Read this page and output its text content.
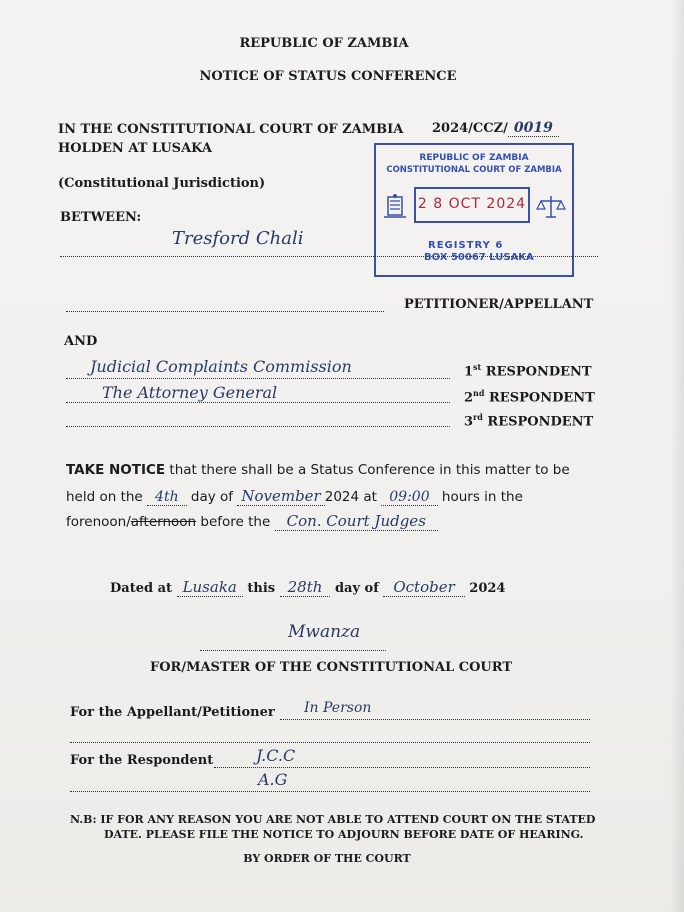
REPUBLIC OF ZAMBIA
NOTICE OF STATUS CONFERENCE
IN THE CONSTITUTIONAL COURT OF ZAMBIA 2024/CCZ/ 0019
HOLDEN AT LUSAKA
(Constitutional Jurisdiction)
BETWEEN:
REPUBLIC OF ZAMBIA
CONSTITUTIONAL COURT OF ZAMBIA
2 8 OCT 2024
REGISTRY 6
BOX 50067 LUSAKA
Tresford Chali
PETITIONER/APPELLANT
AND
Judicial Complaints Commission	1st RESPONDENT
The Attorney General	2nd RESPONDENT
3rd RESPONDENT
TAKE NOTICE that there shall be a Status Conference in this matter to be
held on the 4th day of November 2024 at 09:00 hours in the
forenoon/afternoon before the Con. Court Judges
Dated at Lusaka this 28th day of October 2024
Mwanza
FOR/MASTER OF THE CONSTITUTIONAL COURT
For the Appellant/Petitioner In Person
For the Respondent	J.C.C
A.G
N.B: IF FOR ANY REASON YOU ARE NOT ABLE TO ATTEND COURT ON THE STATED
DATE. PLEASE FILE THE NOTICE TO ADJOURN BEFORE DATE OF HEARING.
BY ORDER OF THE COURT
